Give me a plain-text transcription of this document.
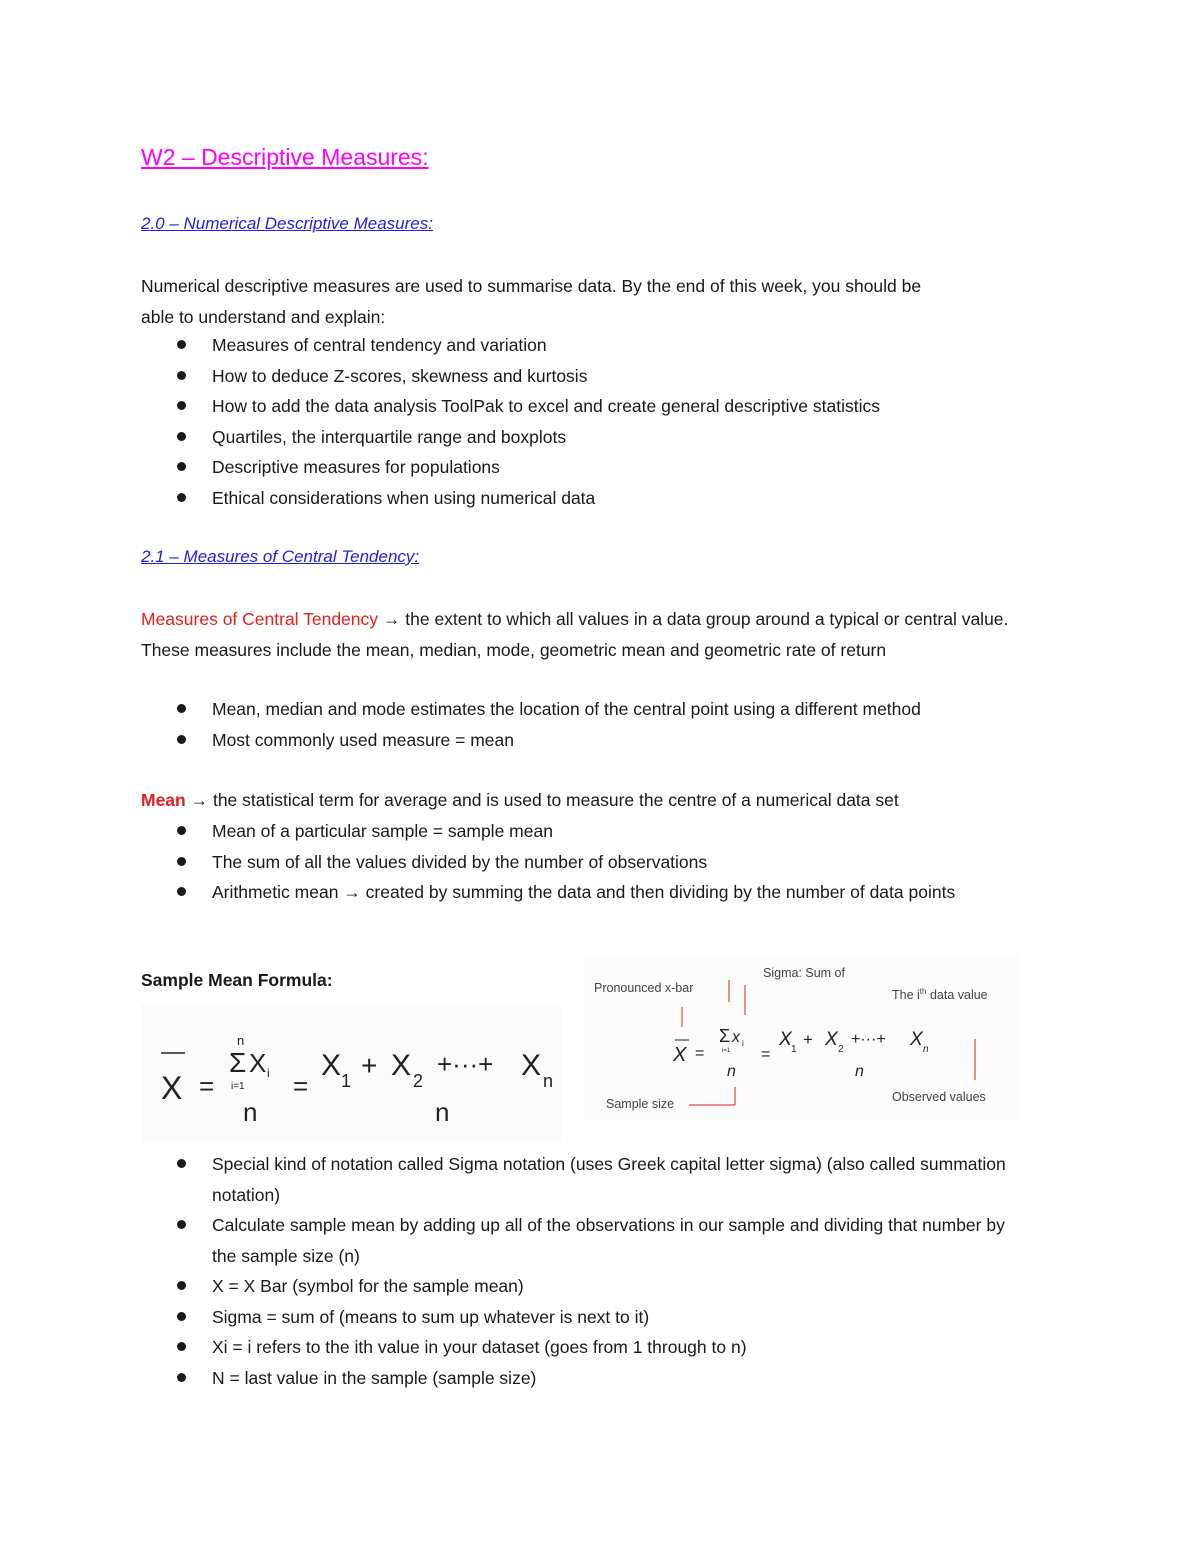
W2 – Descriptive Measures:
2.0 – Numerical Descriptive Measures:

Numerical descriptive measures are used to summarise data. By the end of this week, you should be
able to understand and explain:

Measures of central tendency and variation
How to deduce Z-scores, skewness and kurtosis
How to add the data analysis ToolPak to excel and create general descriptive statistics
Quartiles, the interquartile range and boxplots
Descriptive measures for populations
Ethical considerations when using numerical data
2.1 – Measures of Central Tendency:

Measures of Central Tendency → the extent to which all values in a data group around a typical or central value. These measures include the mean, median, mode, geometric mean and geometric rate of return

Mean, median and mode estimates the location of the central point using a different method
Most commonly used measure = mean

Mean → the statistical term for average and is used to measure the centre of a numerical data set

Mean of a particular sample = sample mean
The sum of all the values divided by the number of observations
Arithmetic mean → created by summing the data and then dividing by the number of data points

Sample Mean Formula:

X =
n
Σ X i
i=1
n
=
X 1 + X 2
+···+ X n
n
Pronounced x-bar
Sigma: Sum of
The $i^{th}$ data value
Sample size	Observed values
X =
Σ x i
i=1
n
=
X 1
+ X 2
+···+ X n
n
Special kind of notation called Sigma notation (uses Greek capital letter sigma) (also called summation notation)
Calculate sample mean by adding up all of the observations in our sample and dividing that number by the sample size (n)
X = X Bar (symbol for the sample mean)
Sigma = sum of (means to sum up whatever is next to it)
Xi = i refers to the ith value in your dataset (goes from 1 through to n)
N = last value in the sample (sample size)
